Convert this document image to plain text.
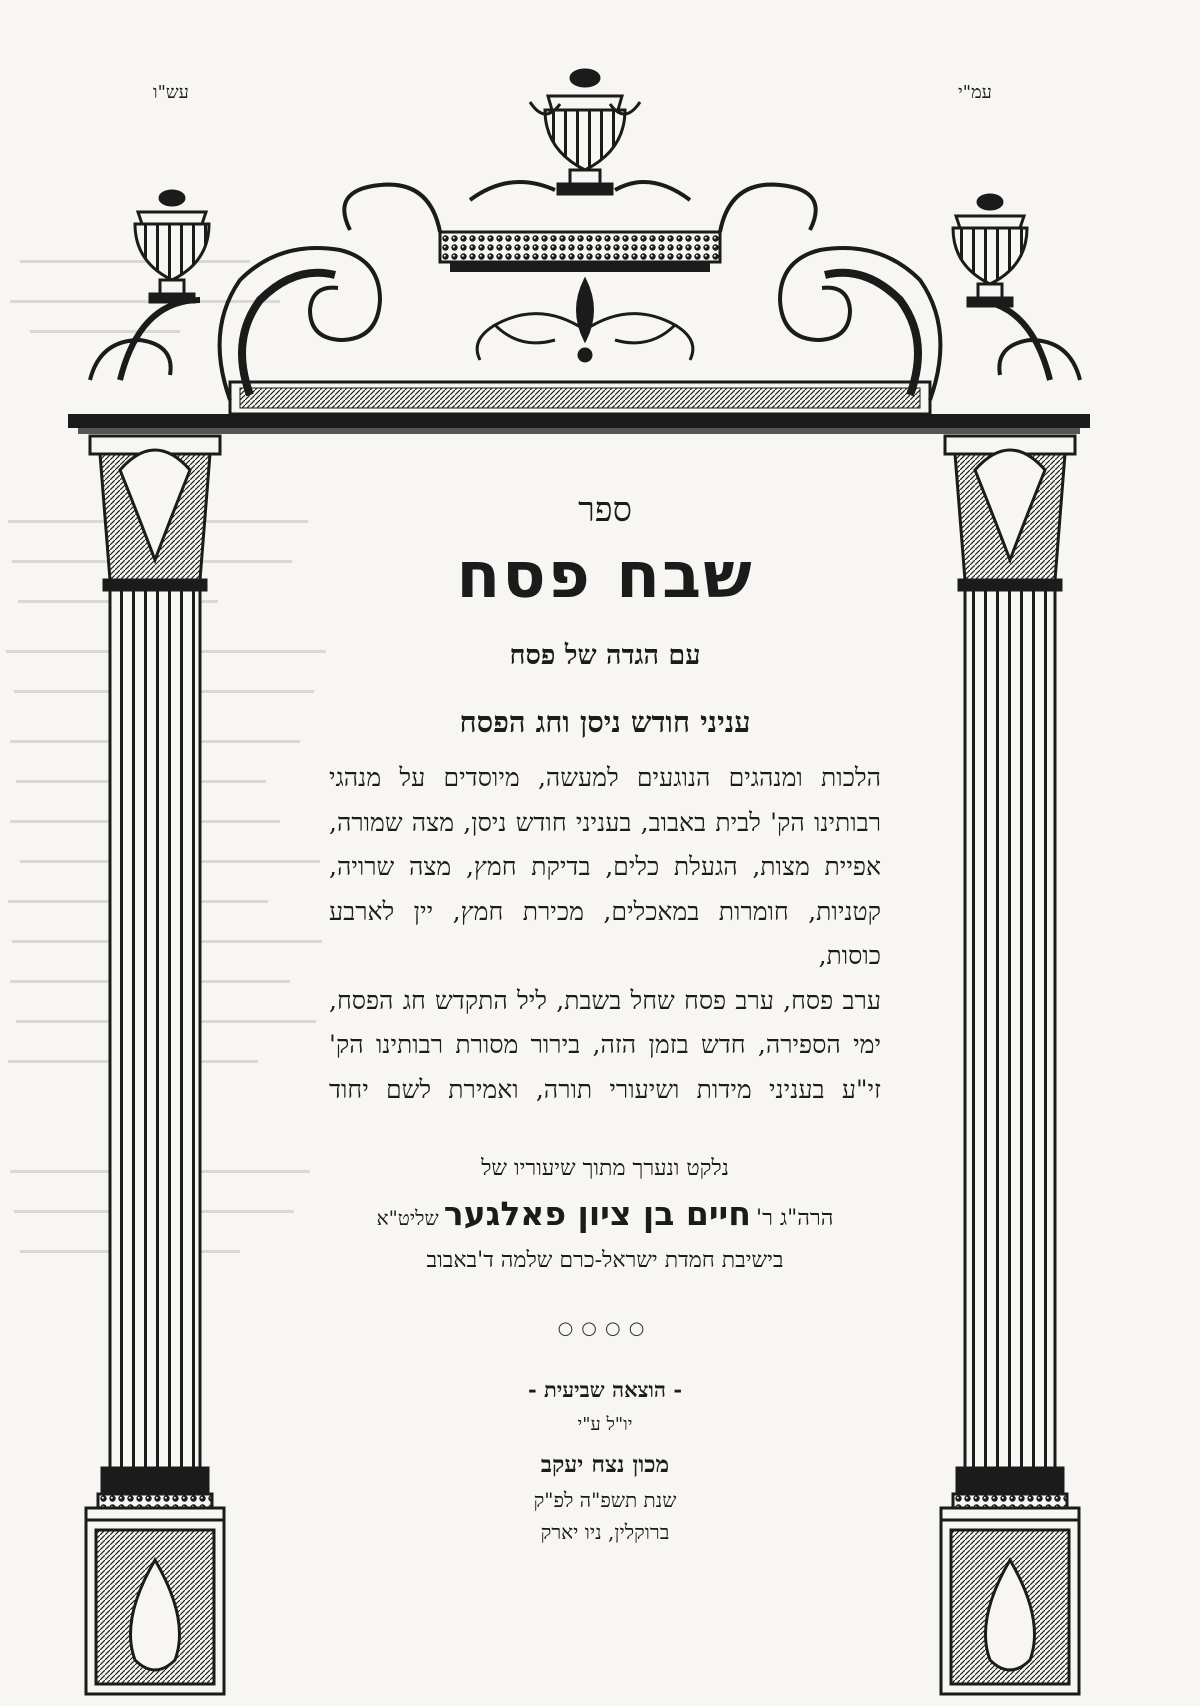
עש"ו	עמ"י

ספר

שבח פסח

עם הגדה של פסח

עניני חודש ניסן וחג הפסח

הלכות ומנהגים הנוגעים למעשה, מיוסדים על מנהגי
רבותינו הק' לבית באבוב, בעניני חודש ניסן, מצה שמורה,
אפיית מצות, הגעלת כלים, בדיקת חמץ, מצה שרויה,
קטניות, חומרות במאכלים, מכירת חמץ, יין לארבע כוסות,
ערב פסח, ערב פסח שחל בשבת, ליל התקדש חג הפסח,
ימי הספירה, חדש בזמן הזה, בירור מסורת רבותינו הק'
זי"ע בעניני מידות ושיעורי תורה, ואמירת לשם יחוד

נלקט ונערך מתוך שיעוריו של

הרה"ג ר' חיים בן ציון פאלגער שליט"א

בישיבת חמדת ישראל-כרם שלמה ד'באבוב

○○○○

- הוצאה שביעית -

יו"ל ע"י

מכון נצח יעקב

שנת תשפ"ה לפ"ק

ברוקלין, ניו יארק
